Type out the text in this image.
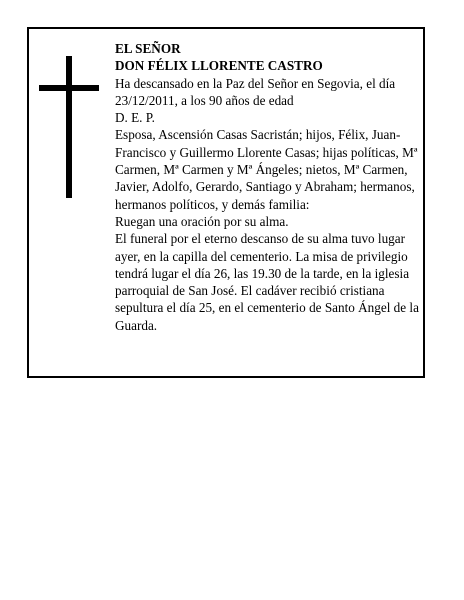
EL SEÑOR

DON FÉLIX LLORENTE CASTRO

Ha descansado en la Paz del Señor en Segovia, el día 23/12/2011, a los 90 años de edad

D. E. P.

Esposa, Ascensión Casas Sacristán; hijos, Félix, Juan-Francisco y Guillermo Llorente Casas; hijas políticas, Mª Carmen, Mª Carmen y Mª Ángeles; nietos, Mª Carmen, Javier, Adolfo, Gerardo, Santiago y Abraham; hermanos, hermanos políticos, y demás familia:

Ruegan una oración por su alma.

El funeral por el eterno descanso de su alma tuvo lugar ayer, en la capilla del cementerio. La misa de privilegio tendrá lugar el día 26, las 19.30 de la tarde, en la iglesia parroquial de San José. El cadáver recibió cristiana sepultura el día 25, en el cementerio de Santo Ángel de la Guarda.
